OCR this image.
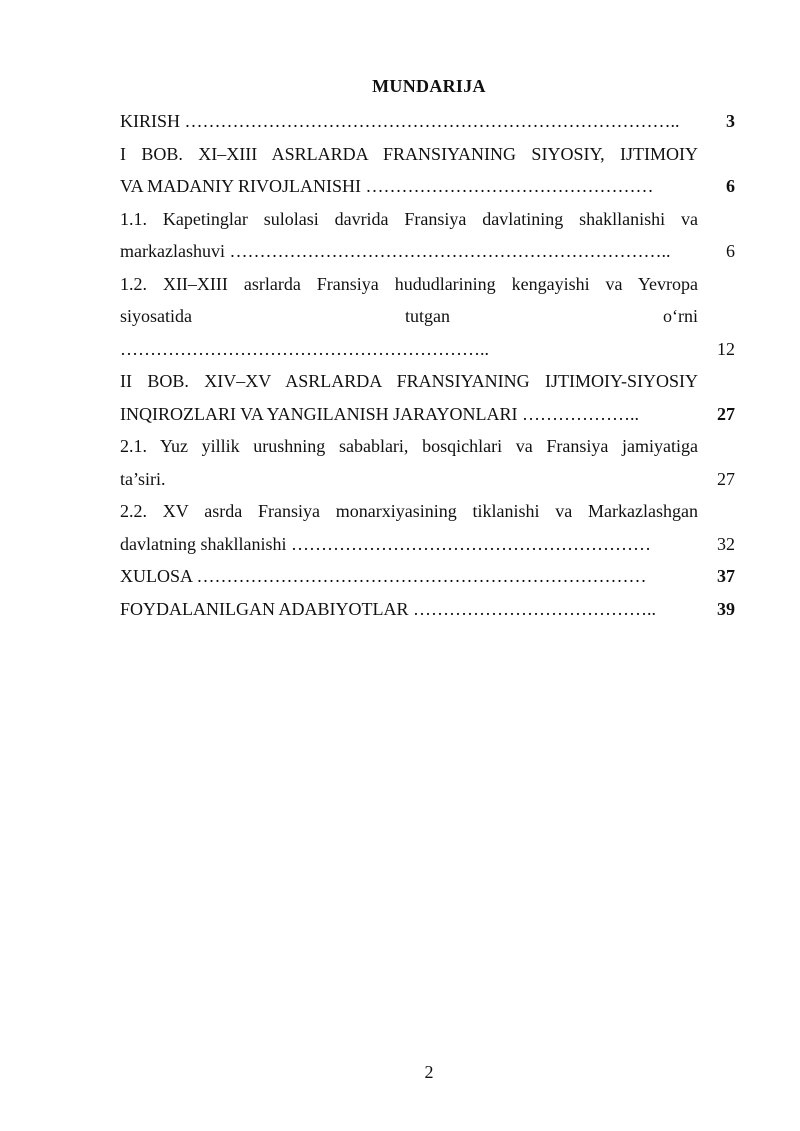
MUNDARIJA
KIRISH ………………………………………………………………………..	3
I BOB. XI–XIII ASRLARDA FRANSIYANING SIYOSIY, IJTIMOIY
VA MADANIY RIVOJLANISHI …………………………………………	6
1.1. Kapetinglar sulolasi davrida Fransiya davlatining shakllanishi va
markazlashuvi ………………………………………………………………..	6
1.2. XII–XIII asrlarda Fransiya hududlarining kengayishi va Yevropa
siyosatida tutgan o‘rni
……………………………………………………..	12
II BOB. XIV–XV ASRLARDA FRANSIYANING IJTIMOIY-SIYOSIY
INQIROZLARI VA YANGILANISH JARAYONLARI ………………..	27
2.1. Yuz yillik urushning sabablari, bosqichlari va Fransiya jamiyatiga
ta’siri.	27
2.2. XV asrda Fransiya monarxiyasining tiklanishi va Markazlashgan
davlatning shakllanishi ……………………………………………………	32
XULOSA …………………………………………………………………	37
FOYDALANILGAN ADABIYOTLAR …………………………………..	39
2
